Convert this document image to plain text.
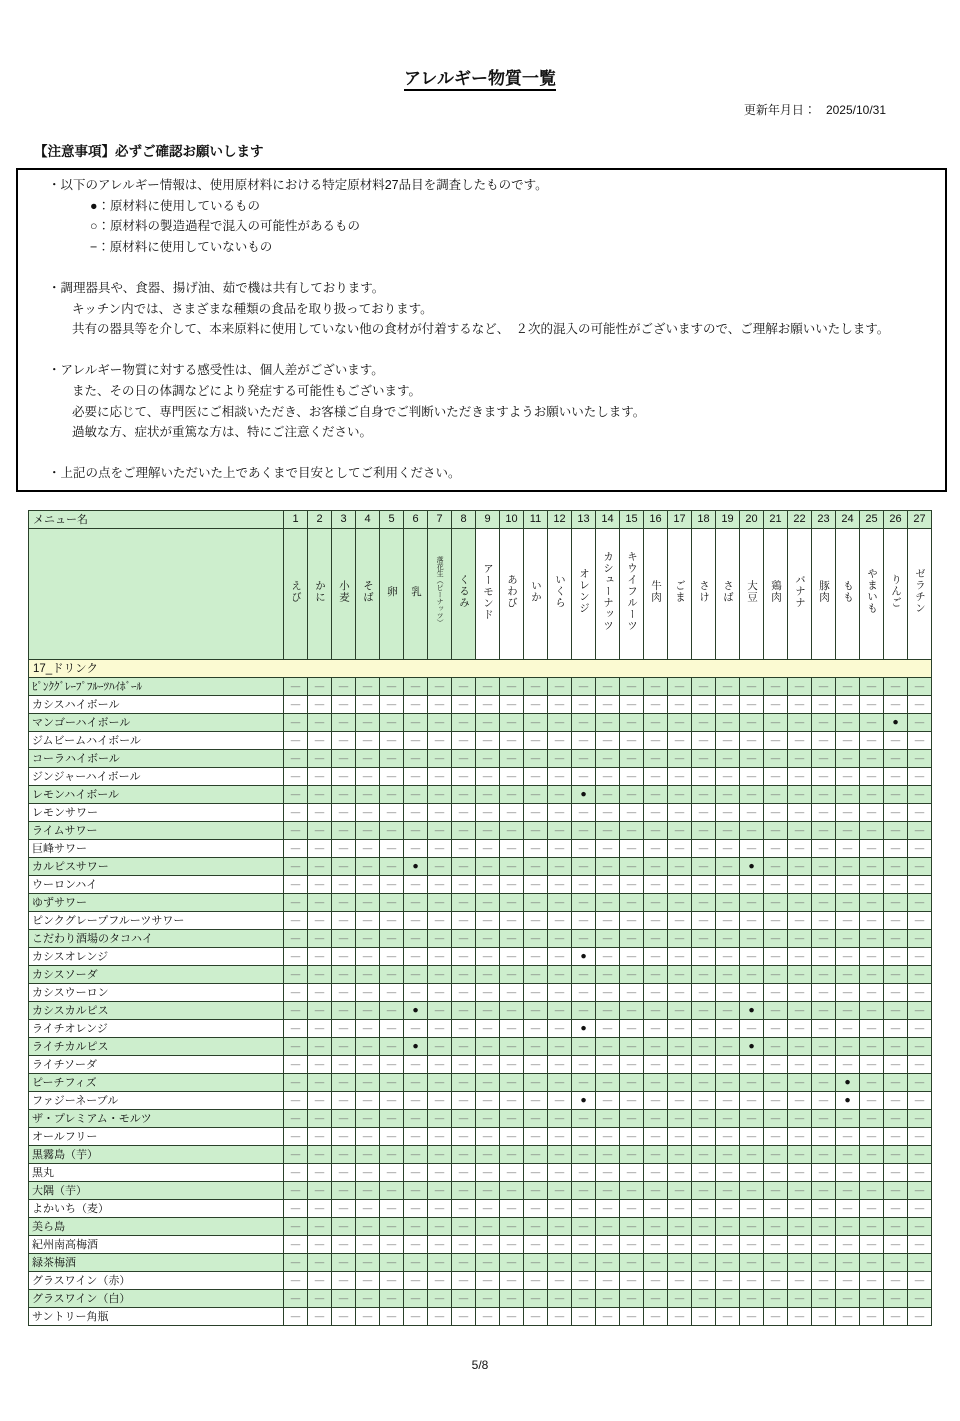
アレルギー物質一覧
更新年月日： 2025/10/31
【注意事項】必ずご確認お願いします
・以下のアレルギー情報は、使用原材料における特定原材料27品目を調査したものです。
●：原材料に使用しているもの
○：原材料の製造過程で混入の可能性があるもの
−：原材料に使用していないもの

・調理器具や、食器、揚げ油、茹で機は共有しております。
キッチン内では、さまざまな種類の食品を取り扱っております。
共有の器具等を介して、本来原料に使用していない他の食材が付着するなど、　２次的混入の可能性がございますので、ご理解お願いいたします。

・アレルギー物質に対する感受性は、個人差がございます。
また、その日の体調などにより発症する可能性もございます。
必要に応じて、専門医にご相談いただき、お客様ご自身でご判断いただきますようお願いいたします。
過敏な方、症状が重篤な方は、特にご注意ください。

・上記の点をご理解いただいた上であくまで目安としてご利用ください。
メニュー名	1	2	3	4	5	6	7	8	9	10	11	12	13	14	15	16	17	18	19	20	21	22	23	24	25	26	27
	えび	かに	小麦	そば	卵	乳	落花生（ピーナッツ）	くるみ	アーモンド	あわび	いか	いくら	オレンジ	カシューナッツ	キウイフルーツ	牛肉	ごま	さけ	さば	大豆	鶏肉	バナナ	豚肉	もも	やまいも	りんご	ゼラチン
17_ドリンク																											
ﾋﾟﾝｸｸﾞﾚｰﾌﾟﾌﾙｰﾂﾊｲﾎﾞｰﾙ	—	—	—	—	—	—	—	—	—	—	—	—	—	—	—	—	—	—	—	—	—	—	—	—	—	—	—
カシスハイボール	—	—	—	—	—	—	—	—	—	—	—	—	—	—	—	—	—	—	—	—	—	—	—	—	—	—	—
マンゴーハイボール	—	—	—	—	—	—	—	—	—	—	—	—	—	—	—	—	—	—	—	—	—	—	—	—	—	●	—
ジムビームハイボール	—	—	—	—	—	—	—	—	—	—	—	—	—	—	—	—	—	—	—	—	—	—	—	—	—	—	—
コーラハイボール	—	—	—	—	—	—	—	—	—	—	—	—	—	—	—	—	—	—	—	—	—	—	—	—	—	—	—
ジンジャーハイボール	—	—	—	—	—	—	—	—	—	—	—	—	—	—	—	—	—	—	—	—	—	—	—	—	—	—	—
レモンハイボール	—	—	—	—	—	—	—	—	—	—	—	—	●	—	—	—	—	—	—	—	—	—	—	—	—	—	—
レモンサワー	—	—	—	—	—	—	—	—	—	—	—	—	—	—	—	—	—	—	—	—	—	—	—	—	—	—	—
ライムサワー	—	—	—	—	—	—	—	—	—	—	—	—	—	—	—	—	—	—	—	—	—	—	—	—	—	—	—
巨峰サワー	—	—	—	—	—	—	—	—	—	—	—	—	—	—	—	—	—	—	—	—	—	—	—	—	—	—	—
カルピスサワー	—	—	—	—	—	●	—	—	—	—	—	—	—	—	—	—	—	—	—	●	—	—	—	—	—	—	—
ウーロンハイ	—	—	—	—	—	—	—	—	—	—	—	—	—	—	—	—	—	—	—	—	—	—	—	—	—	—	—
ゆずサワー	—	—	—	—	—	—	—	—	—	—	—	—	—	—	—	—	—	—	—	—	—	—	—	—	—	—	—
ピンクグレープフルーツサワー	—	—	—	—	—	—	—	—	—	—	—	—	—	—	—	—	—	—	—	—	—	—	—	—	—	—	—
こだわり酒場のタコハイ	—	—	—	—	—	—	—	—	—	—	—	—	—	—	—	—	—	—	—	—	—	—	—	—	—	—	—
カシスオレンジ	—	—	—	—	—	—	—	—	—	—	—	—	●	—	—	—	—	—	—	—	—	—	—	—	—	—	—
カシスソーダ	—	—	—	—	—	—	—	—	—	—	—	—	—	—	—	—	—	—	—	—	—	—	—	—	—	—	—
カシスウーロン	—	—	—	—	—	—	—	—	—	—	—	—	—	—	—	—	—	—	—	—	—	—	—	—	—	—	—
カシスカルピス	—	—	—	—	—	●	—	—	—	—	—	—	—	—	—	—	—	—	—	●	—	—	—	—	—	—	—
ライチオレンジ	—	—	—	—	—	—	—	—	—	—	—	—	●	—	—	—	—	—	—	—	—	—	—	—	—	—	—
ライチカルピス	—	—	—	—	—	●	—	—	—	—	—	—	—	—	—	—	—	—	—	●	—	—	—	—	—	—	—
ライチソーダ	—	—	—	—	—	—	—	—	—	—	—	—	—	—	—	—	—	—	—	—	—	—	—	—	—	—	—
ピーチフィズ	—	—	—	—	—	—	—	—	—	—	—	—	—	—	—	—	—	—	—	—	—	—	—	●	—	—	—
ファジーネーブル	—	—	—	—	—	—	—	—	—	—	—	—	●	—	—	—	—	—	—	—	—	—	—	●	—	—	—
ザ・プレミアム・モルツ	—	—	—	—	—	—	—	—	—	—	—	—	—	—	—	—	—	—	—	—	—	—	—	—	—	—	—
オールフリー	—	—	—	—	—	—	—	—	—	—	—	—	—	—	—	—	—	—	—	—	—	—	—	—	—	—	—
黒霧島（芋）	—	—	—	—	—	—	—	—	—	—	—	—	—	—	—	—	—	—	—	—	—	—	—	—	—	—	—
黒丸	—	—	—	—	—	—	—	—	—	—	—	—	—	—	—	—	—	—	—	—	—	—	—	—	—	—	—
大隅（芋）	—	—	—	—	—	—	—	—	—	—	—	—	—	—	—	—	—	—	—	—	—	—	—	—	—	—	—
よかいち（麦）	—	—	—	—	—	—	—	—	—	—	—	—	—	—	—	—	—	—	—	—	—	—	—	—	—	—	—
美ら島	—	—	—	—	—	—	—	—	—	—	—	—	—	—	—	—	—	—	—	—	—	—	—	—	—	—	—
紀州南高梅酒	—	—	—	—	—	—	—	—	—	—	—	—	—	—	—	—	—	—	—	—	—	—	—	—	—	—	—
緑茶梅酒	—	—	—	—	—	—	—	—	—	—	—	—	—	—	—	—	—	—	—	—	—	—	—	—	—	—	—
グラスワイン（赤）	—	—	—	—	—	—	—	—	—	—	—	—	—	—	—	—	—	—	—	—	—	—	—	—	—	—	—
グラスワイン（白）	—	—	—	—	—	—	—	—	—	—	—	—	—	—	—	—	—	—	—	—	—	—	—	—	—	—	—
サントリー角瓶	—	—	—	—	—	—	—	—	—	—	—	—	—	—	—	—	—	—	—	—	—	—	—	—	—	—	—
5/8
